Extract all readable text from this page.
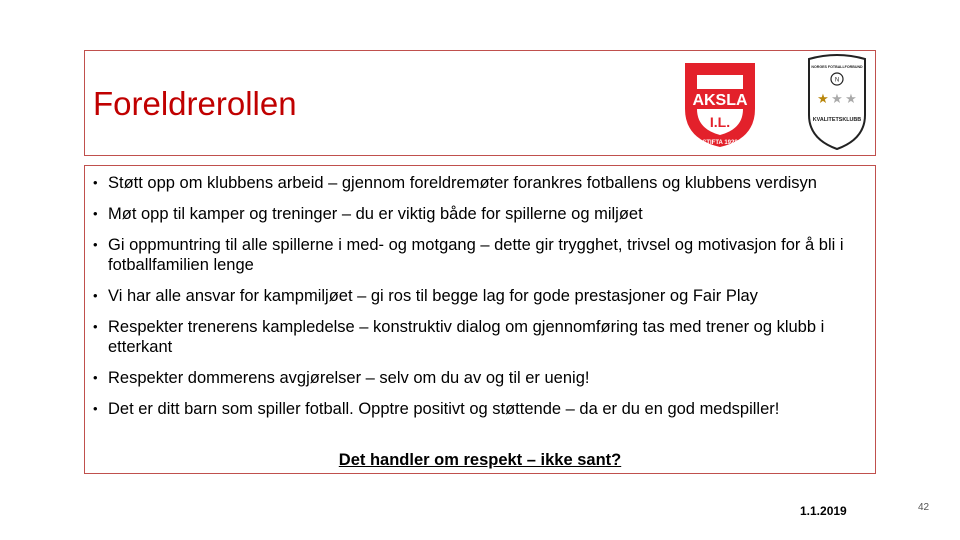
Foreldrerollen	AKSLA
I.L.
STIFTA 1928
NORGES FOTBALLFORBUND
N
★ ★ ★
KVALITETSKLUBB
• Støtt opp om klubbens arbeid – gjennom foreldremøter forankres fotballens og klubbens verdisyn
• Møt opp til kamper og treninger – du er viktig både for spillerne og miljøet
• Gi oppmuntring til alle spillerne i med- og motgang – dette gir trygghet, trivsel og motivasjon for å bli i fotballfamilien lenge
• Vi har alle ansvar for kampmiljøet – gi ros til begge lag for gode prestasjoner og Fair Play
• Respekter trenerens kampledelse – konstruktiv dialog om gjennomføring tas med trener og klubb i etterkant
• Respekter dommerens avgjørelser – selv om du av og til er uenig!
• Det er ditt barn som spiller fotball. Opptre positivt og støttende – da er du en god medspiller!
Det handler om respekt – ikke sant?
1.1.2019	42
